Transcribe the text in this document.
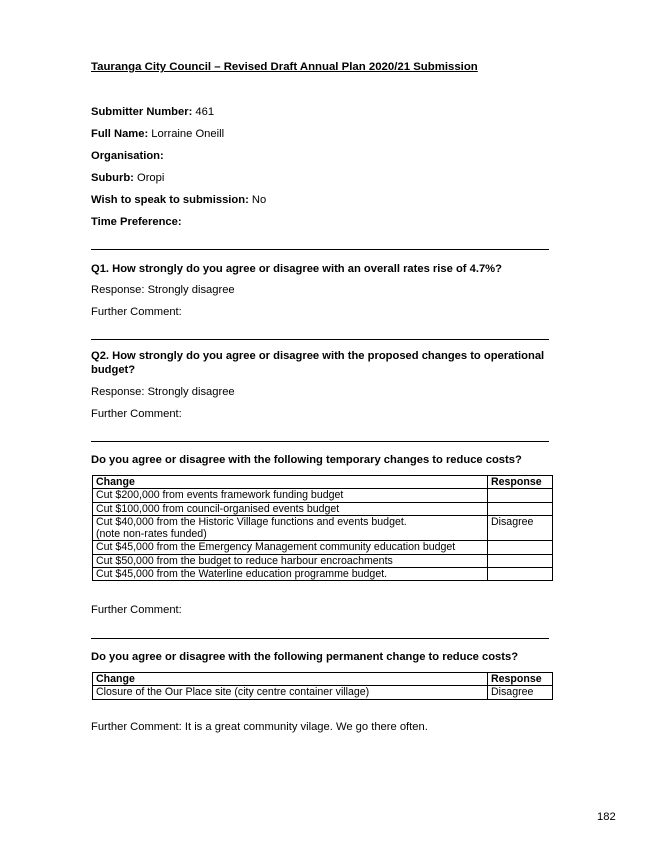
Tauranga City Council – Revised Draft Annual Plan 2020/21 Submission
Submitter Number: 461
Full Name: Lorraine Oneill
Organisation:
Suburb: Oropi
Wish to speak to submission: No
Time Preference:
Q1. How strongly do you agree or disagree with an overall rates rise of 4.7%?
Response: Strongly disagree
Further Comment:
Q2. How strongly do you agree or disagree with the proposed changes to operational budget?
Response: Strongly disagree
Further Comment:
Do you agree or disagree with the following temporary changes to reduce costs?
Change	Response
Cut $200,000 from events framework funding budget	
Cut $100,000 from council-organised events budget	

Cut $40,000 from the Historic Village functions and events budget.
(note non-rates funded)	Disagree
Cut $45,000 from the Emergency Management community education budget	
Cut $50,000 from the budget to reduce harbour encroachments	
Cut $45,000 from the Waterline education programme budget.	
Further Comment:
Do you agree or disagree with the following permanent change to reduce costs?
Change	Response
Closure of the Our Place site (city centre container village)	Disagree
Further Comment: It is a great community vilage. We go there often.
182
